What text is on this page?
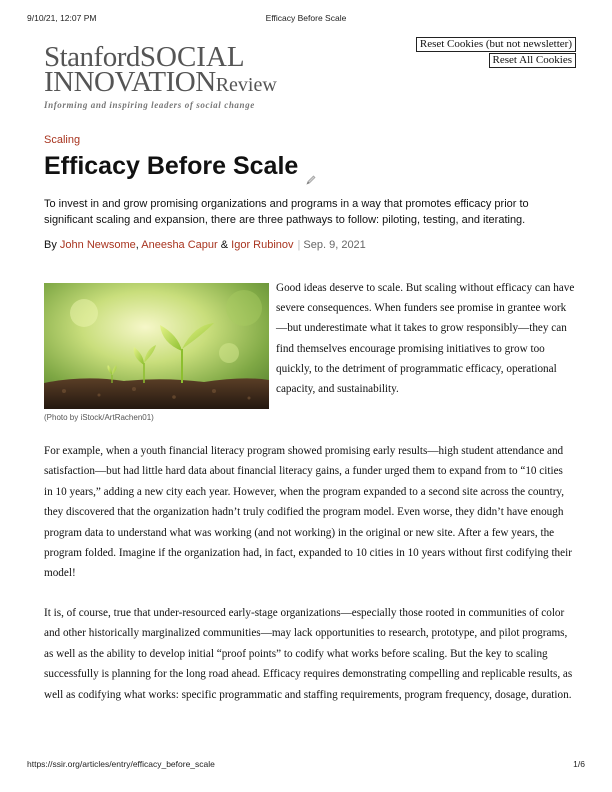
9/10/21, 12:07 PM	Efficacy Before Scale
Reset Cookies (but not newsletter)
Reset All Cookies
StanfordSOCIAL
INNOVATIONReview
Informing and inspiring leaders of social change
Scaling
Efficacy Before Scale

To invest in and grow promising organizations and programs in a way that promotes efficacy prior to significant scaling and expansion, there are three pathways to follow: piloting, testing, and iterating.

By John Newsome, Aneesha Capur & Igor Rubinov | Sep. 9, 2021
(Photo by iStock/ArtRachen01)

Good ideas deserve to scale. But scaling without efficacy can have severe consequences. When funders see promise in grantee work—but underestimate what it takes to grow responsibly—they can find themselves encourage promising initiatives to grow too quickly, to the detriment of programmatic efficacy, operational capacity, and sustainability.

For example, when a youth financial literacy program showed promising early results—high student attendance and satisfaction—but had little hard data about financial literacy gains, a funder urged them to expand from to “10 cities in 10 years,” adding a new city each year. However, when the program expanded to a second site across the country, they discovered that the organization hadn’t truly codified the program model. Even worse, they didn’t have enough program data to understand what was working (and not working) in the original or new site. After a few years, the program folded. Imagine if the organization had, in fact, expanded to 10 cities in 10 years without first codifying their model!

It is, of course, true that under-resourced early-stage organizations—especially those rooted in communities of color and other historically marginalized communities—may lack opportunities to research, prototype, and pilot programs, as well as the ability to develop initial “proof points” to codify what works before scaling. But the key to scaling successfully is planning for the long road ahead. Efficacy requires demonstrating compelling and replicable results, as well as codifying what works: specific programmatic and staffing requirements, program frequency, dosage, duration.

https://ssir.org/articles/entry/efficacy_before_scale	1/6
